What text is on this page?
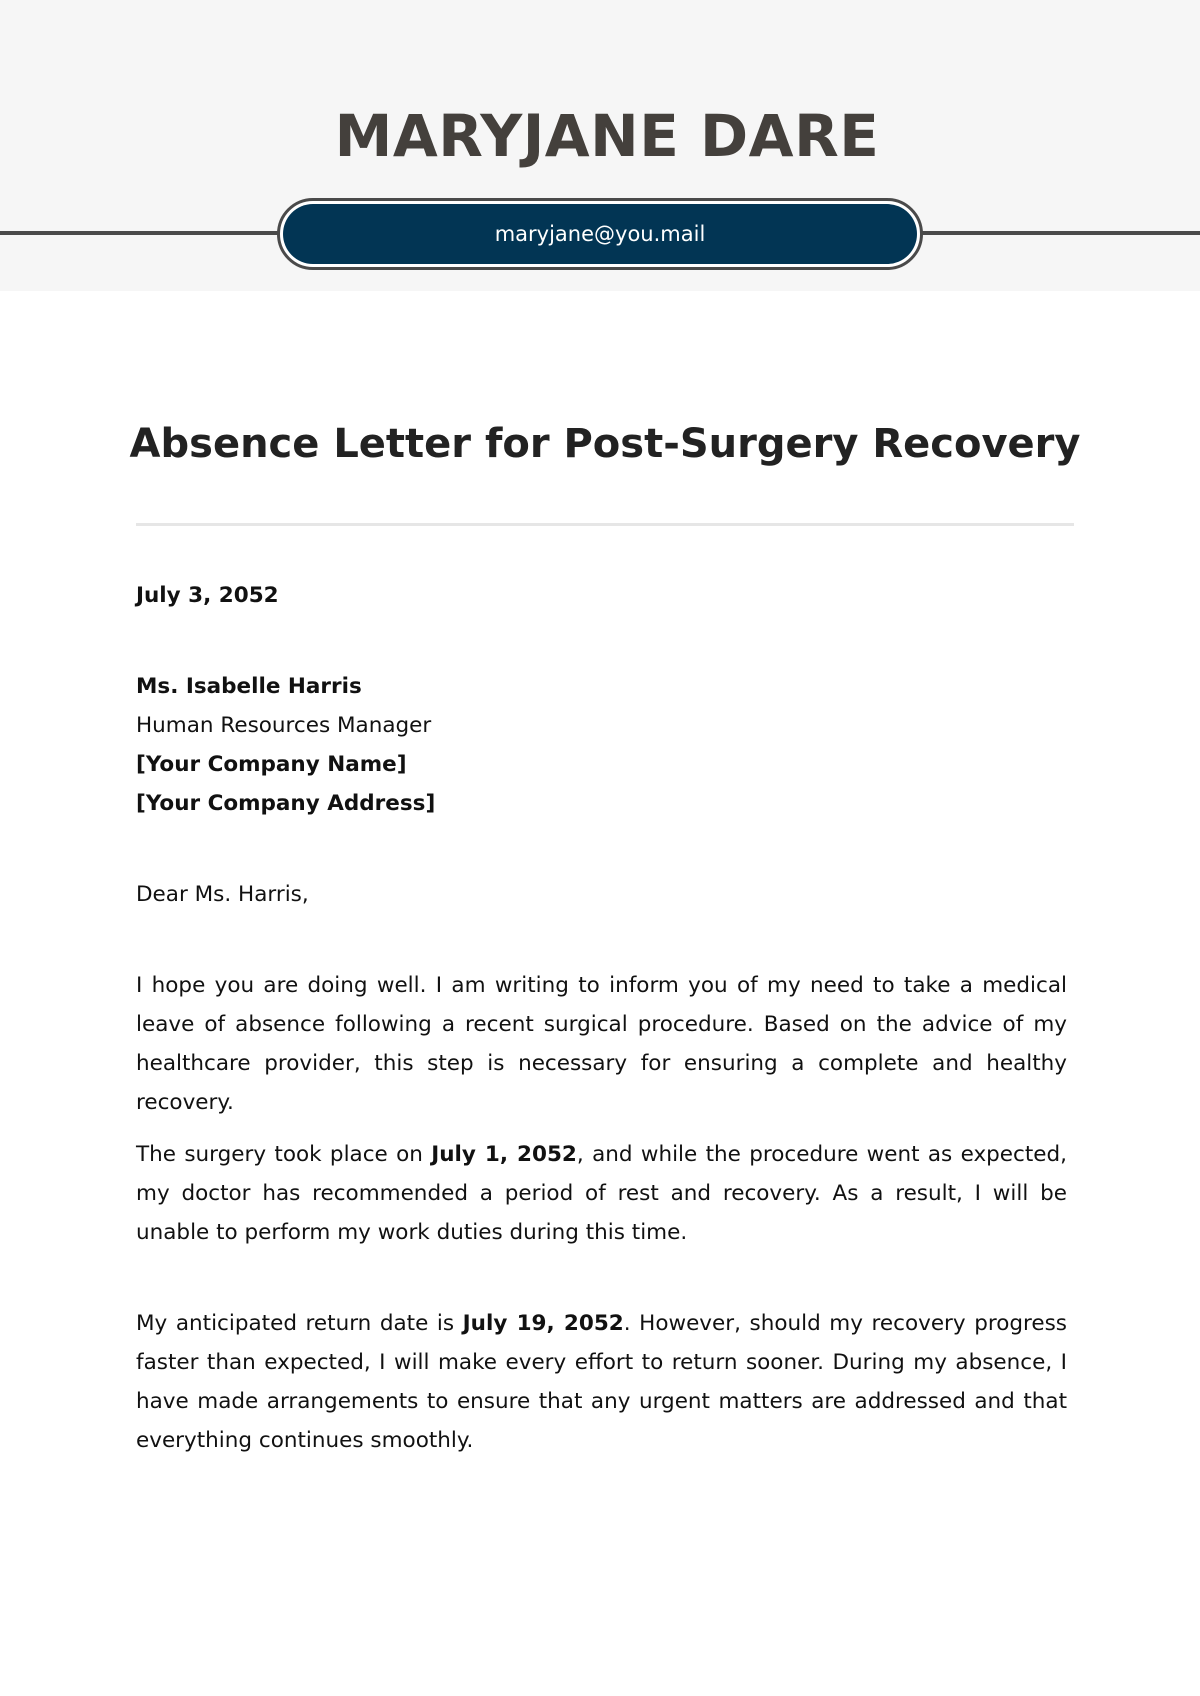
MARYJANE DARE
maryjane@you.mail
Absence Letter for Post-Surgery Recovery
July 3, 2052
Ms. Isabelle Harris
Human Resources Manager
[Your Company Name]
[Your Company Address]
Dear Ms. Harris,
I hope you are doing well. I am writing to inform you of my need to take a medical leave of absence following a recent surgical procedure. Based on the advice of my healthcare provider, this step is necessary for ensuring a complete and healthy recovery.
The surgery took place on July 1, 2052, and while the procedure went as expected, my doctor has recommended a period of rest and recovery. As a result, I will be unable to perform my work duties during this time.
My anticipated return date is July 19, 2052. However, should my recovery progress faster than expected, I will make every effort to return sooner. During my absence, I have made arrangements to ensure that any urgent matters are addressed and that everything continues smoothly.
